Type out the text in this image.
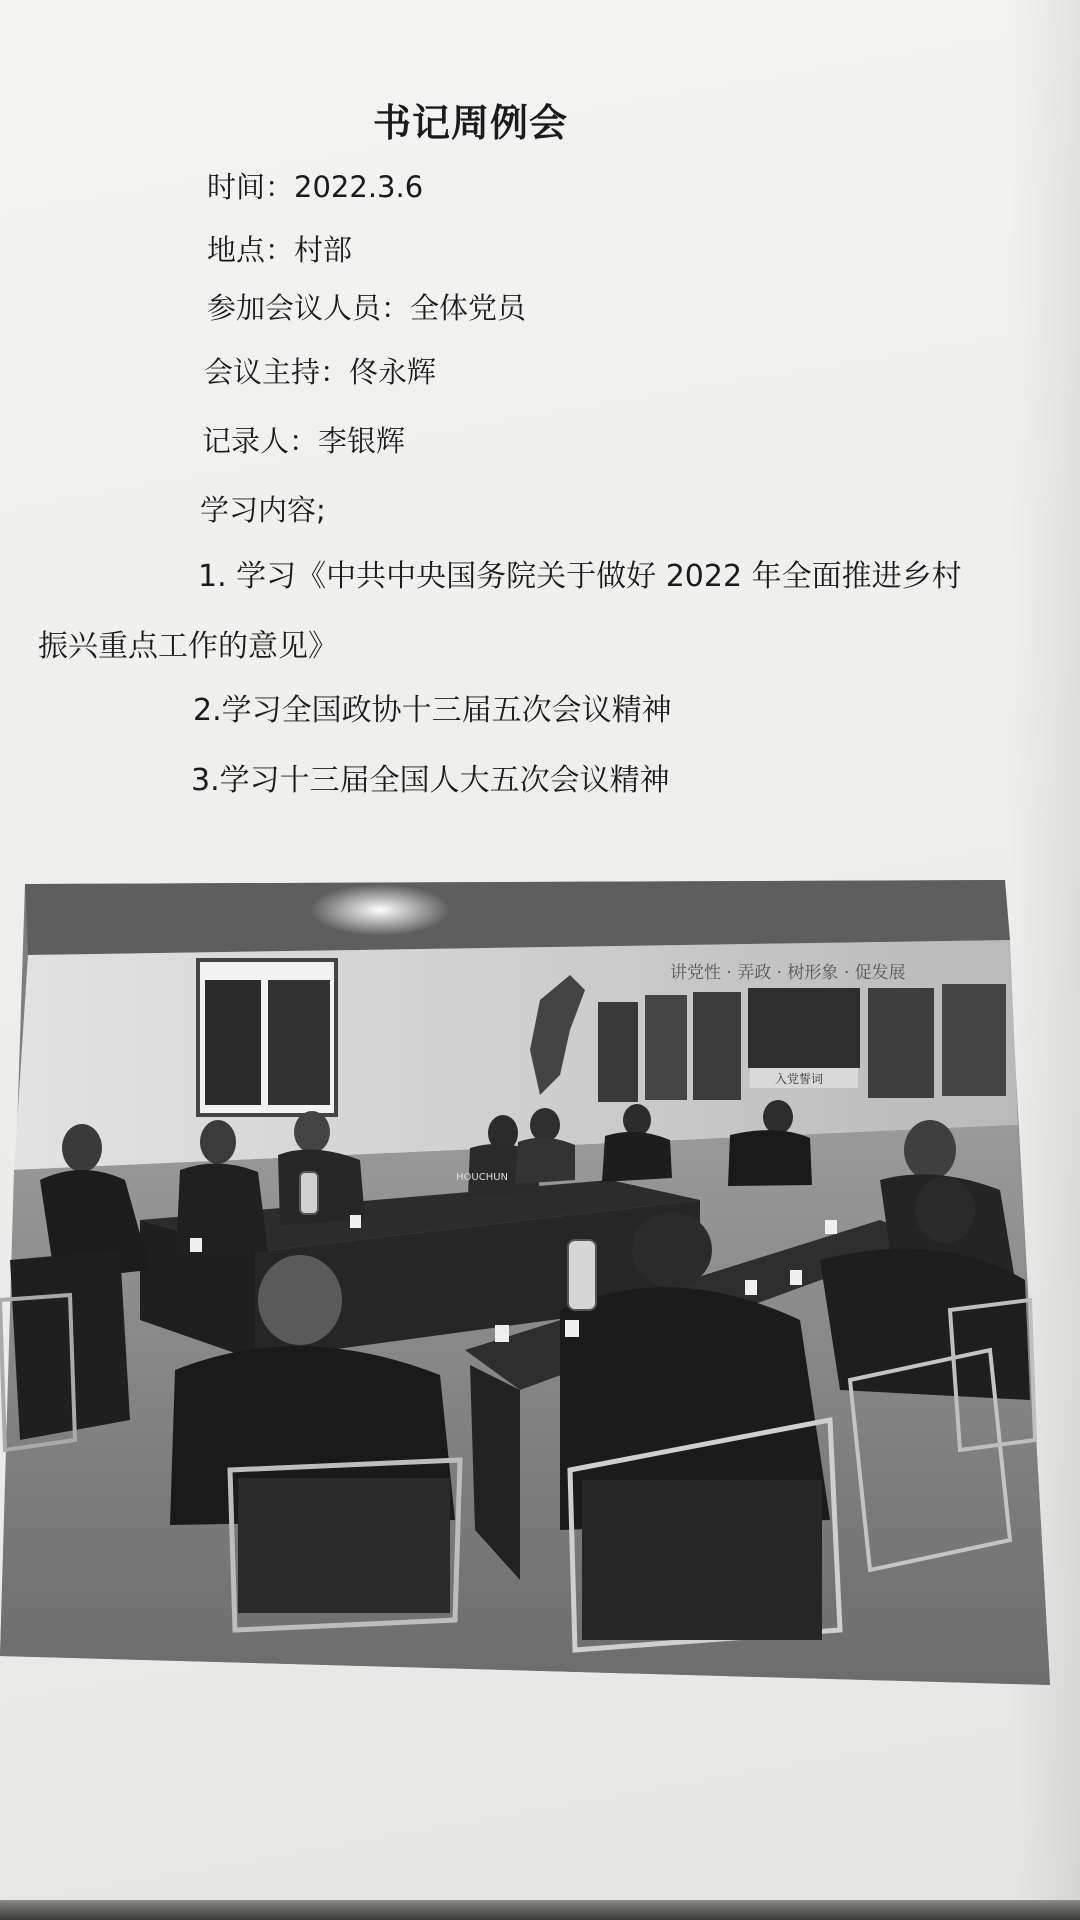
书记周例会
时间：2022.3.6
地点：村部
参加会议人员：全体党员
会议主持：佟永辉
记录人：李银辉
学习内容;
1. 学习《中共中央国务院关于做好 2022 年全面推进乡村
振兴重点工作的意见》
2.学习全国政协十三届五次会议精神
3.学习十三届全国人大五次会议精神
讲党性 · 弄政 · 树形象 · 促发展
入党誓词
HOUCHUN
